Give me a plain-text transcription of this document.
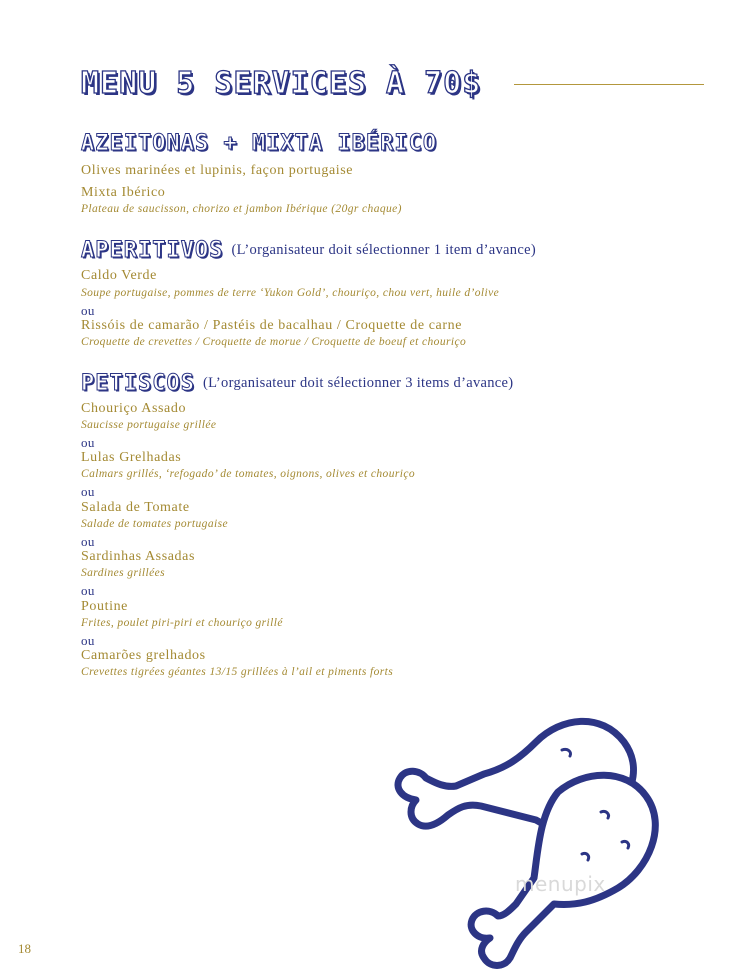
MENU 5 SERVICES À 70$
AZEITONAS + MIXTA IBÉRICO
Olives marinées et lupinis, façon portugaise
Mixta Ibérico
Plateau de saucisson, chorizo et jambon Ibérique (20gr chaque)
APERITIVOS (L’organisateur doit sélectionner 1 item d’avance)
Caldo Verde
Soupe portugaise, pommes de terre ‘Yukon Gold’, chouriço, chou vert, huile d’olive
ou
Rissóis de camarão / Pastéis de bacalhau / Croquette de carne
Croquette de crevettes / Croquette de morue / Croquette de boeuf et chouriço
PETISCOS (L’organisateur doit sélectionner 3 items d’avance)
Chouriço Assado
Saucisse portugaise grillée
ou
Lulas Grelhadas
Calmars grillés, ‘refogado’ de tomates, oignons, olives et chouriço
ou
Salada de Tomate
Salade de tomates portugaise
ou
Sardinhas Assadas
Sardines grillées
ou
Poutine
Frites, poulet piri-piri et chouriço grillé
ou
Camarões grelhados
Crevettes tigrées géantes 13/15 grillées à l’ail et piments forts
menupix
18
